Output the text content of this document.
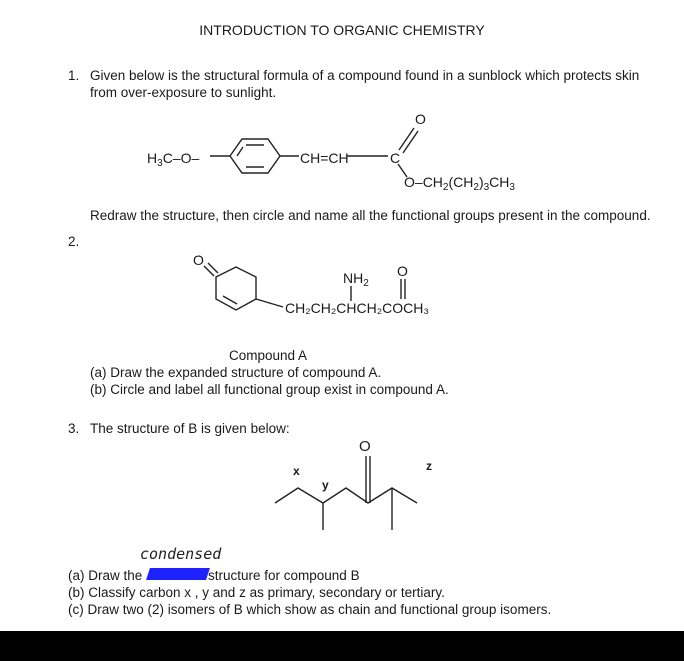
INTRODUCTION TO ORGANIC CHEMISTRY
1. Given below is the structural formula of a compound found in a sunblock which protects skin
from over-exposure to sunlight.
$H_3C-O-$	CH=CH	C
O
$O-CH_2(CH_2)_3CH_3$
Redraw the structure, then circle and name all the functional groups present in the compound.
2.
O
$NH_2$
O
CH₂CH₂CHCH₂COCH₃
Compound A
(a) Draw the expanded structure of compound A.
(b) Circle and label all functional group exist in compound A.
3. The structure of B is given below:
x
y
z
O
condensed
(a) Draw the	structure for compound B
(b) Classify carbon x , y and z as primary, secondary or tertiary.
(c) Draw two (2) isomers of B which show as chain and functional group isomers.
